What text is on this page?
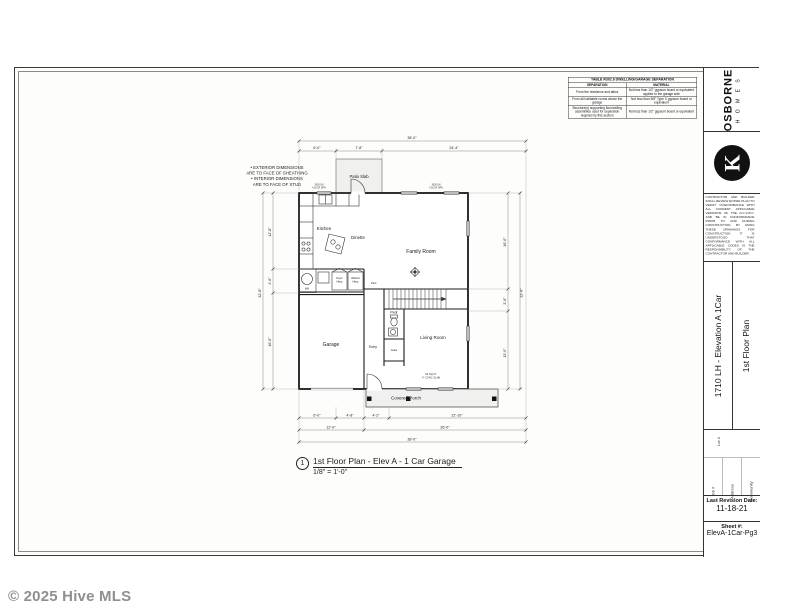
TABLE R302.6 DWELLING/GARAGE SEPARATION	
SEPARATION	MATERIAL
From the residence and attics	Not less than 1/2" gypsum board or equivalent applied to the garage side
From all habitable rooms above the garage	Not less than 5/8" Type X gypsum board or equivalent
Structure(s) supporting floor/ceiling assemblies used for separation required by this section	Not less than 1/2" gypsum board or equivalent
• EXTERIOR DIMENSIONS
ARE TO FACE OF SHEATHING
• INTERIOR DIMENSIONS
ARE TO FACE OF STUD
Patio Slab
Covered Porch
Kitchen
Dinette
WH
Dryer
Hkup
Washer
Hkup
Pwdr
Coats
Pant.
Family Room
Garage	Entry
Living Room
3050 SH
4.18 SF OPN
3050 SH
4.18 SF OPN
94 SQ FT
4" CONC SLAB
38'-0"
6'-0"	7'-8"	24'-4"
32'-8"
12'-8"
4'-0"
16'-0"
32'-8"
16'-0"
3'-8"
13'-0"
6'-0"	4'-8"	4'-2"	22'-10"
12'-0"	26'-0"
38'-0"
1	1st Floor Plan - Elev A - 1 Car Garage
1/8" = 1'-0"
OSBORNE H O M E S
K
CONTRACTOR AND BUILDER SHALL REVIEW ENTIRE PLAN TO VERIFY CONFORMANCE WITH ALL CURRENT APPLICABLE VERSIONS OF THE N.C.S.B.C. AND BE IN CONFORMANCE PRIOR TO AND DURING CONSTRUCTION. BY USING THESE DRAWINGS FOR CONSTRUCTION IT IS UNDERSTOOD THAT CONFORMANCE WITH ALL APPLICABLE CODES IS THE RESPONSIBILITY OF THE CONTRACTOR AND BUILDER.
1710 LH - Elevation A 1Car 1st Floor Plan
Lot #
Job #	Address	Community
Last Revision Date:
11-18-21
Sheet #:
ElevA-1Car-Pg3
© 2025 Hive MLS
